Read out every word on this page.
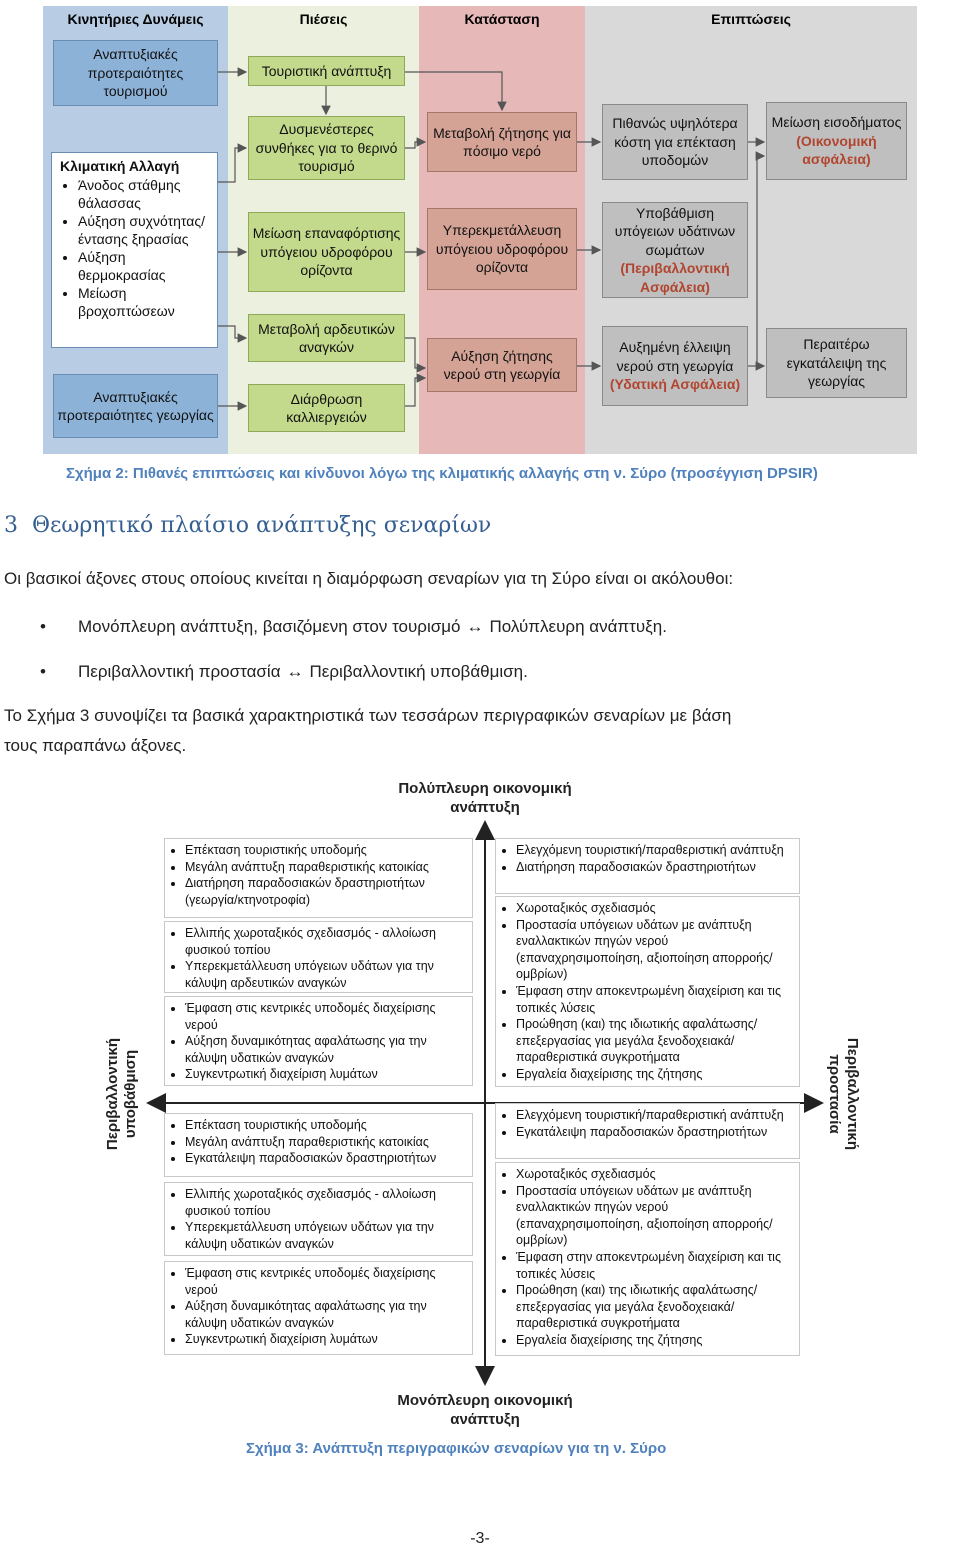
Κινητήριες Δυνάμεις	Πιέσεις	Κατάσταση	Επιπτώσεις
Αναπτυξιακές προτεραιότητες τουρισμού
Κλιματική Αλλαγή
• Άνοδος στάθμης θάλασσας
• Αύξηση συχνότητας/ έντασης ξηρασίας
• Αύξηση θερμοκρασίας
• Μείωση βροχοπτώσεων
Αναπτυξιακές προτεραιότητες γεωργίας
Τουριστική ανάπτυξη
Δυσμενέστερες συνθήκες για το θερινό τουρισμό
Μείωση επαναφόρτισης υπόγειου υδροφόρου ορίζοντα
Μεταβολή αρδευτικών αναγκών
Διάρθρωση καλλιεργειών
Μεταβολή ζήτησης για πόσιμο νερό
Υπερεκμετάλλευση υπόγειου υδροφόρου ορίζοντα
Αύξηση ζήτησης νερού στη γεωργία
Πιθανώς υψηλότερα κόστη για επέκταση υποδομών
Υποβάθμιση υπόγειων υδάτινων σωμάτων
(Περιβαλλοντική Ασφάλεια)
Αυξημένη έλλειψη νερού στη γεωργία
(Υδατική Ασφάλεια)
Μείωση εισοδήματος
(Οικονομική ασφάλεια)
Περαιτέρω εγκατάλειψη της γεωργίας
Σχήμα 2: Πιθανές επιπτώσεις και κίνδυνοι λόγω της κλιματικής αλλαγής στη ν. Σύρο (προσέγγιση DPSIR)
3 Θεωρητικό πλαίσιο ανάπτυξης σεναρίων
Οι βασικοί άξονες στους οποίους κινείται η διαμόρφωση σεναρίων για τη Σύρο είναι οι ακόλουθοι:
• Μονόπλευρη ανάπτυξη, βασιζόμενη στον τουρισμό ↔ Πολύπλευρη ανάπτυξη.
• Περιβαλλοντική προστασία ↔ Περιβαλλοντική υποβάθμιση.
Το Σχήμα 3 συνοψίζει τα βασικά χαρακτηριστικά των τεσσάρων περιγραφικών σεναρίων με βάση
τους παραπάνω άξονες.
Πολύπλευρη οικονομική ανάπτυξη
Μονόπλευρη οικονομική ανάπτυξη
Περιβαλλοντική υποβάθμιση	Περιβαλλοντική προστασία
• Επέκταση τουριστικής υποδομής
• Μεγάλη ανάπτυξη παραθεριστικής κατοικίας
• Διατήρηση παραδοσιακών δραστηριοτήτων (γεωργία/κτηνοτροφία)
• Ελλιπής χωροταξικός σχεδιασμός - αλλοίωση φυσικού τοπίου
• Υπερεκμετάλλευση υπόγειων υδάτων για την κάλυψη αρδευτικών αναγκών
• Έμφαση στις κεντρικές υποδομές διαχείρισης νερού
• Αύξηση δυναμικότητας αφαλάτωσης για την κάλυψη υδατικών αναγκών
• Συγκεντρωτική διαχείριση λυμάτων
• Ελεγχόμενη τουριστική/παραθεριστική ανάπτυξη
• Διατήρηση παραδοσιακών δραστηριοτήτων
• Χωροταξικός σχεδιασμός
• Προστασία υπόγειων υδάτων με ανάπτυξη εναλλακτικών πηγών νερού (επαναχρησιμοποίηση, αξιοποίηση απορροής/ομβρίων)
• Έμφαση στην αποκεντρωμένη διαχείριση και τις τοπικές λύσεις
• Προώθηση (και) της ιδιωτικής αφαλάτωσης/ επεξεργασίας για μεγάλα ξενοδοχειακά/ παραθεριστικά συγκροτήματα
• Εργαλεία διαχείρισης της ζήτησης
• Επέκταση τουριστικής υποδομής
• Μεγάλη ανάπτυξη παραθεριστικής κατοικίας
• Εγκατάλειψη παραδοσιακών δραστηριοτήτων
• Ελλιπής χωροταξικός σχεδιασμός - αλλοίωση φυσικού τοπίου
• Υπερεκμετάλλευση υπόγειων υδάτων για την κάλυψη υδατικών αναγκών
• Έμφαση στις κεντρικές υποδομές διαχείρισης νερού
• Αύξηση δυναμικότητας αφαλάτωσης για την κάλυψη υδατικών αναγκών
• Συγκεντρωτική διαχείριση λυμάτων
• Ελεγχόμενη τουριστική/παραθεριστική ανάπτυξη
• Εγκατάλειψη παραδοσιακών δραστηριοτήτων
• Χωροταξικός σχεδιασμός
• Προστασία υπόγειων υδάτων με ανάπτυξη εναλλακτικών πηγών νερού (επαναχρησιμοποίηση, αξιοποίηση απορροής/ομβρίων)
• Έμφαση στην αποκεντρωμένη διαχείριση και τις τοπικές λύσεις
• Προώθηση (και) της ιδιωτικής αφαλάτωσης/ επεξεργασίας για μεγάλα ξενοδοχειακά/ παραθεριστικά συγκροτήματα
• Εργαλεία διαχείρισης της ζήτησης
Σχήμα 3: Ανάπτυξη περιγραφικών σεναρίων για τη ν. Σύρο
-3-
